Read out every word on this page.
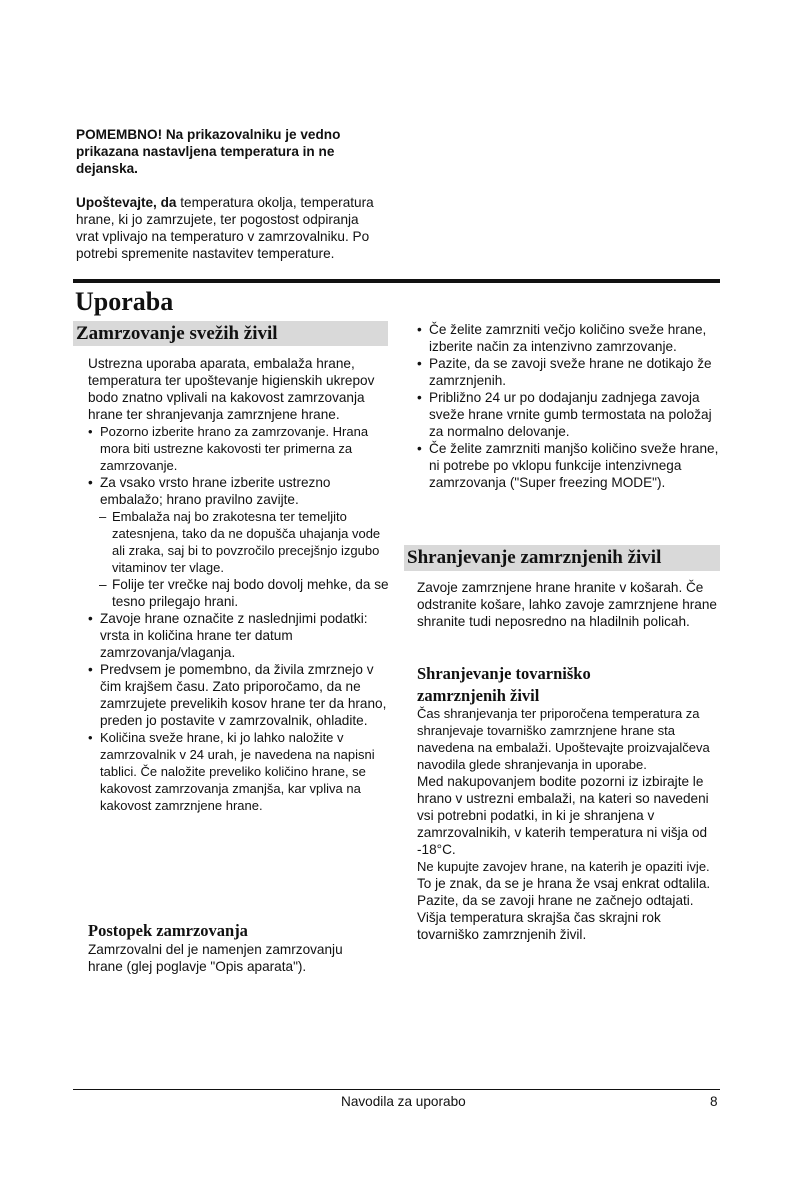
POMEMBNO! Na prikazovalniku je vedno prikazana nastavljena temperatura in ne dejanska.
Upoštevajte, da temperatura okolja, temperatura hrane, ki jo zamrzujete, ter pogostost odpiranja vrat vplivajo na temperaturo v zamrzovalniku. Po potrebi spremenite nastavitev temperature.
Uporaba
Zamrzovanje svežih živil
Ustrezna uporaba aparata, embalaža hrane, temperatura ter upoštevanje higienskih ukrepov bodo znatno vplivali na kakovost zamrzovanja hrane ter shranjevanja zamrznjene hrane.
• Pozorno izberite hrano za zamrzovanje. Hrana mora biti ustrezne kakovosti ter primerna za zamrzovanje.
• Za vsako vrsto hrane izberite ustrezno embalažo; hrano pravilno zavijte.
– Embalaža naj bo zrakotesna ter temeljito zatesnjena, tako da ne dopušča uhajanja vode ali zraka, saj bi to povzročilo precejšnjo izgubo vitaminov ter vlage.
– Folije ter vrečke naj bodo dovolj mehke, da se tesno prilegajo hrani.
• Zavoje hrane označite z naslednjimi podatki: vrsta in količina hrane ter datum zamrzovanja/vlaganja.
• Predvsem je pomembno, da živila zmrznejo v čim krajšem času. Zato priporočamo, da ne zamrzujete prevelikih kosov hrane ter da hrano, preden jo postavite v zamrzovalnik, ohladite.
• Količina sveže hrane, ki jo lahko naložite v zamrzovalnik v 24 urah, je navedena na napisni tablici. Če naložite preveliko količino hrane, se kakovost zamrzovanja zmanjša, kar vpliva na kakovost zamrznjene hrane.
Postopek zamrzovanja
Zamrzovalni del je namenjen zamrzovanju hrane (glej poglavje "Opis aparata").
• Če želite zamrzniti večjo količino sveže hrane, izberite način za intenzivno zamrzovanje.
• Pazite, da se zavoji sveže hrane ne dotikajo že zamrznjenih.
• Približno 24 ur po dodajanju zadnjega zavoja sveže hrane vrnite gumb termostata na položaj za normalno delovanje.
• Če želite zamrzniti manjšo količino sveže hrane, ni potrebe po vklopu funkcije intenzivnega zamrzovanja ("Super freezing MODE").
Shranjevanje zamrznjenih živil
Zavoje zamrznjene hrane hranite v košarah. Če odstranite košare, lahko zavoje zamrznjene hrane shranite tudi neposredno na hladilnih policah.
Shranjevanje tovarniško
zamrznjenih živil
Čas shranjevanja ter priporočena temperatura za shranjevaje tovarniško zamrznjene hrane sta navedena na embalaži. Upoštevajte proizvajalčeva navodila glede shranjevanja in uporabe.
Med nakupovanjem bodite pozorni iz izbirajte le hrano v ustrezni embalaži, na kateri so navedeni vsi potrebni podatki, in ki je shranjena v zamrzovalnikih, v katerih temperatura ni višja od -18°C.
Ne kupujte zavojev hrane, na katerih je opaziti ivje.
To je znak, da se je hrana že vsaj enkrat odtalila.
Pazite, da se zavoji hrane ne začnejo odtajati.
Višja temperatura skrajša čas skrajni rok tovarniško zamrznjenih živil.
Navodila za uporabo	8
